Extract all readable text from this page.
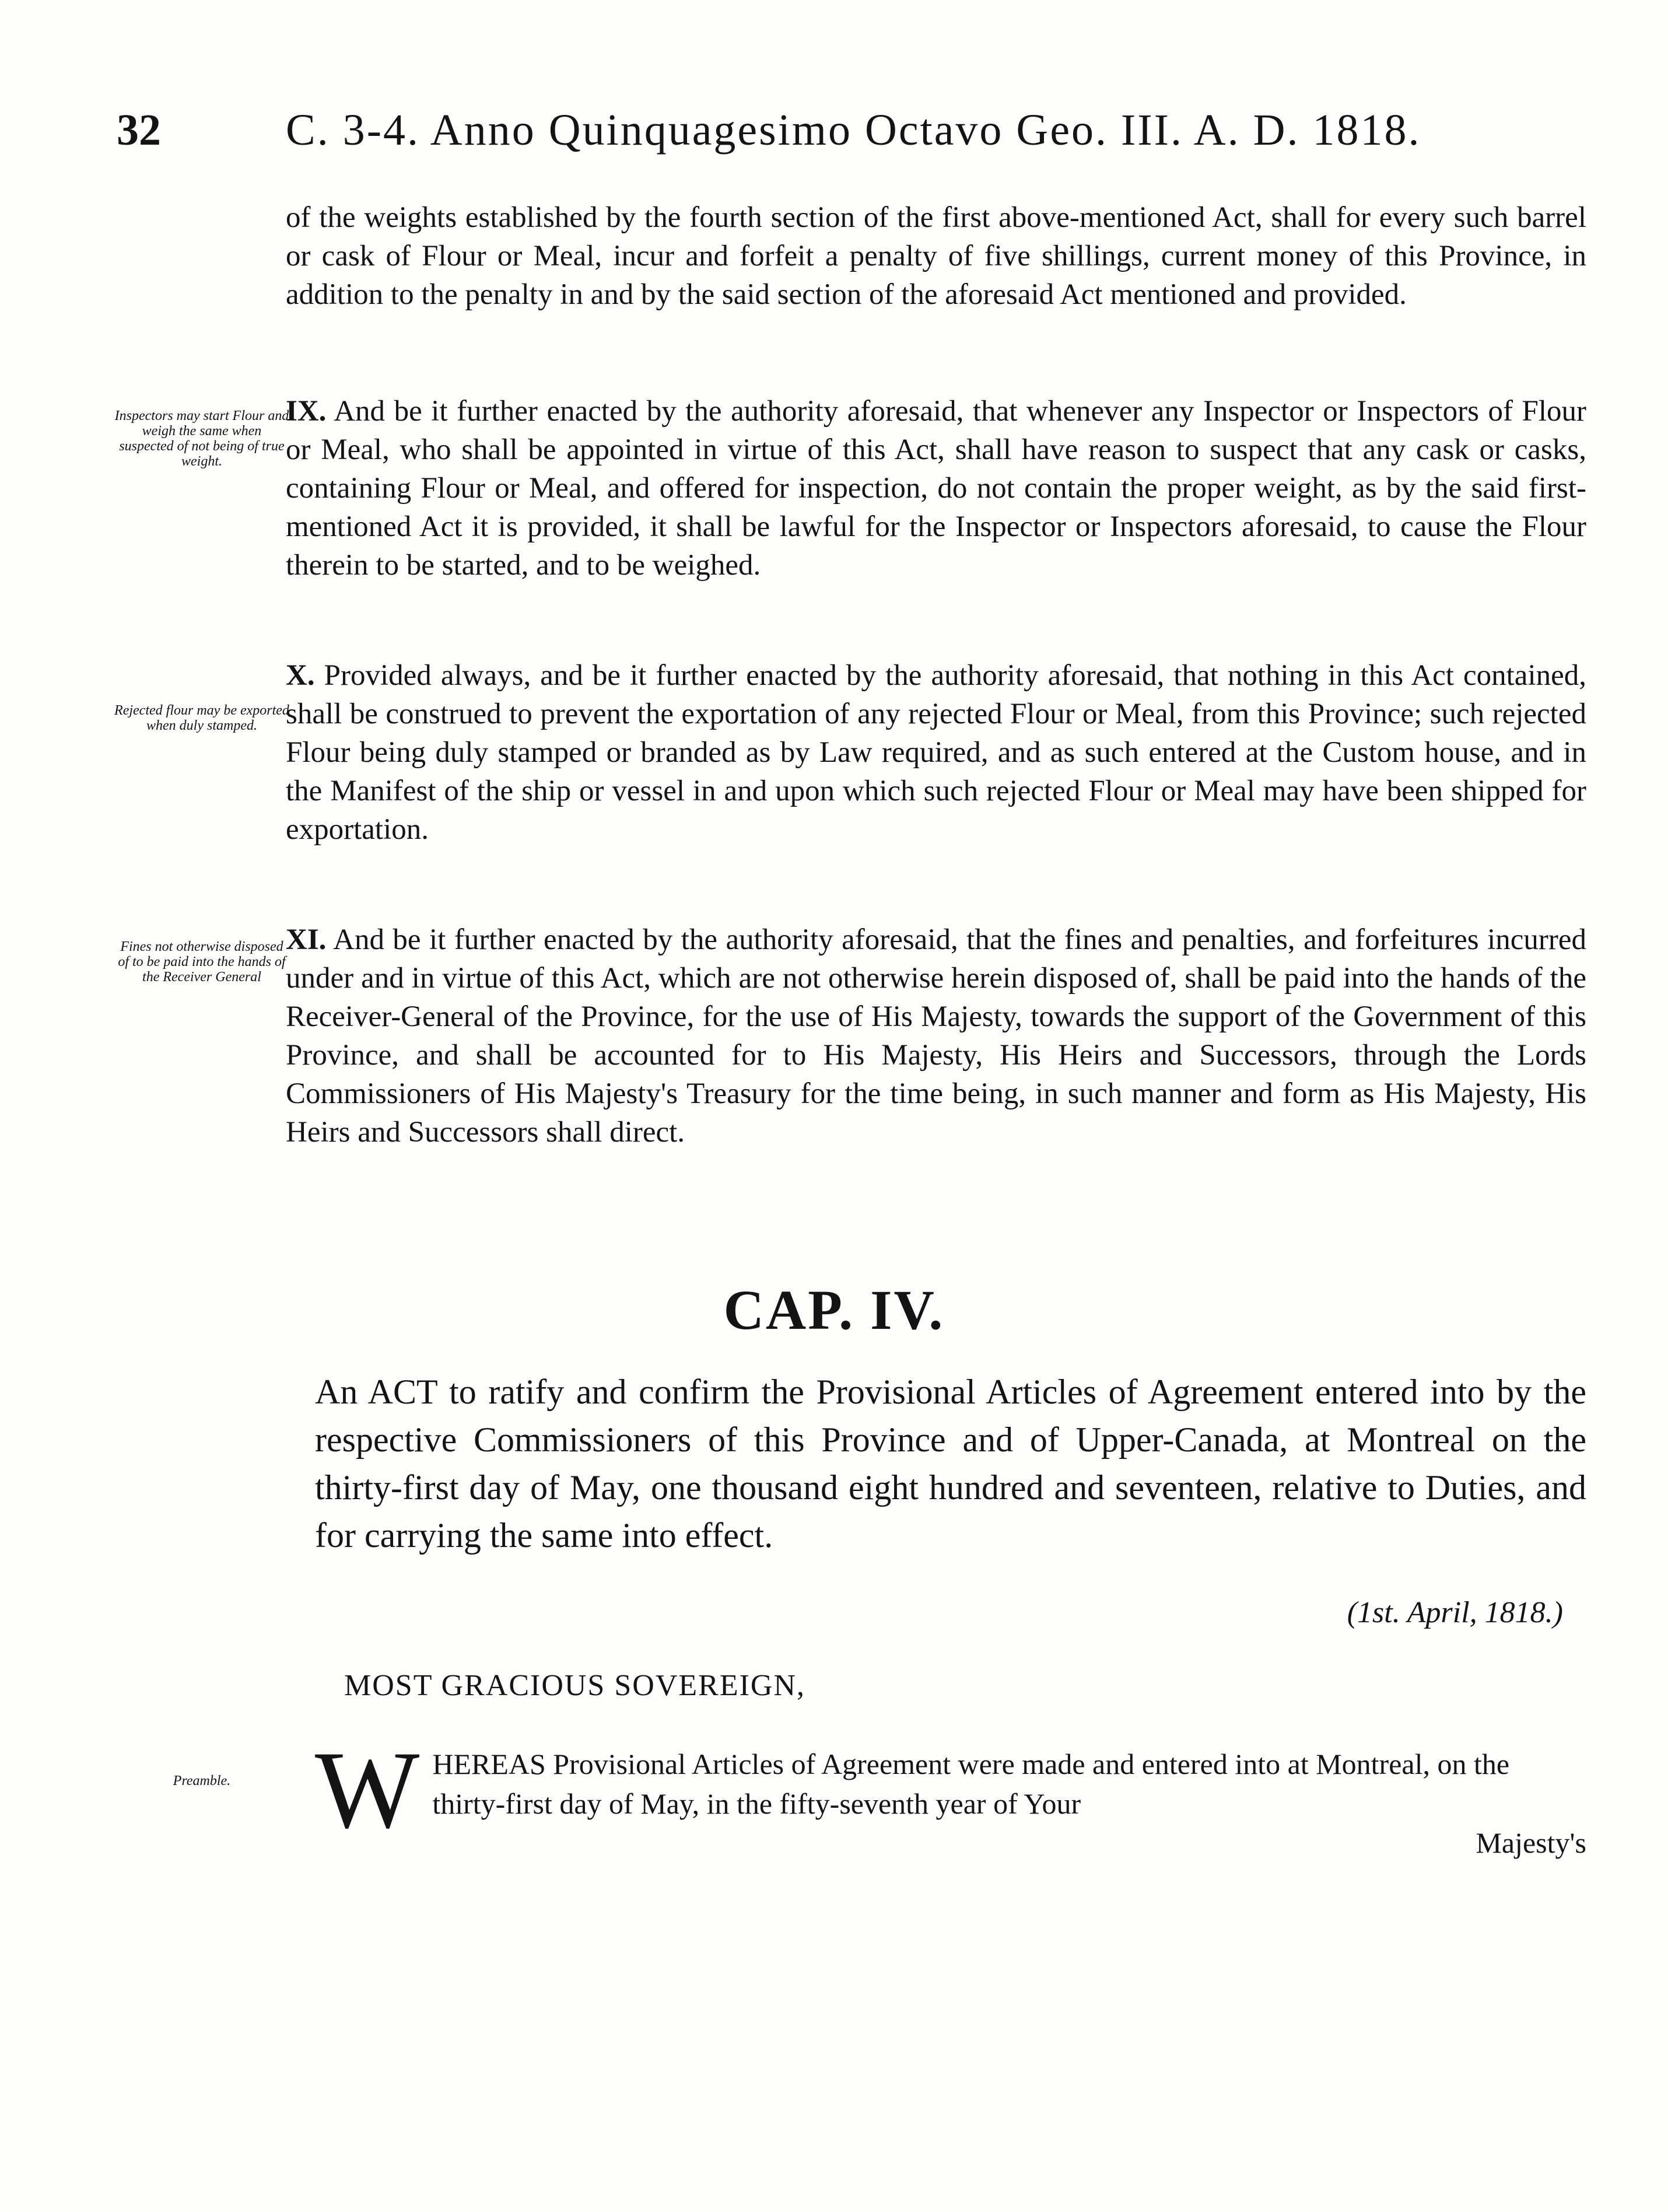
32	C. 3-4. Anno Quinquagesimo Octavo Geo. III. A. D. 1818.
of the weights established by the fourth section of the first above-mentioned Act, shall for every such barrel or cask of Flour or Meal, incur and forfeit a penalty of five shillings, current money of this Province, in addition to the penalty in and by the said section of the aforesaid Act mentioned and provided.
Inspectors may start Flour and weigh the same when suspected of not being of true weight.
IX. And be it further enacted by the authority aforesaid, that whenever any Inspector or Inspectors of Flour or Meal, who shall be appointed in virtue of this Act, shall have reason to suspect that any cask or casks, containing Flour or Meal, and offered for inspection, do not contain the proper weight, as by the said first-mentioned Act it is provided, it shall be lawful for the Inspector or Inspectors aforesaid, to cause the Flour therein to be started, and to be weighed.
Rejected flour may be exported when duly stamped.
X. Provided always, and be it further enacted by the authority aforesaid, that nothing in this Act contained, shall be construed to prevent the exportation of any rejected Flour or Meal, from this Province; such rejected Flour being duly stamped or branded as by Law required, and as such entered at the Custom house, and in the Manifest of the ship or vessel in and upon which such rejected Flour or Meal may have been shipped for exportation.
Fines not otherwise disposed of to be paid into the hands of the Receiver General
XI. And be it further enacted by the authority aforesaid, that the fines and penalties, and forfeitures incurred under and in virtue of this Act, which are not otherwise herein disposed of, shall be paid into the hands of the Receiver-General of the Province, for the use of His Majesty, towards the support of the Government of this Province, and shall be accounted for to His Majesty, His Heirs and Successors, through the Lords Commissioners of His Majesty's Treasury for the time being, in such manner and form as His Majesty, His Heirs and Successors shall direct.
CAP. IV.
An ACT to ratify and confirm the Provisional Articles of Agreement entered into by the respective Commissioners of this Province and of Upper-Canada, at Montreal on the thirty-first day of May, one thousand eight hundred and seventeen, relative to Duties, and for carrying the same into effect.
(1st. April, 1818.)
MOST GRACIOUS SOVEREIGN,
Preamble. W HEREAS Provisional Articles of Agreement were made and entered into at Montreal, on the thirty-first day of May, in the fifty-seventh year of Your
Majesty's
